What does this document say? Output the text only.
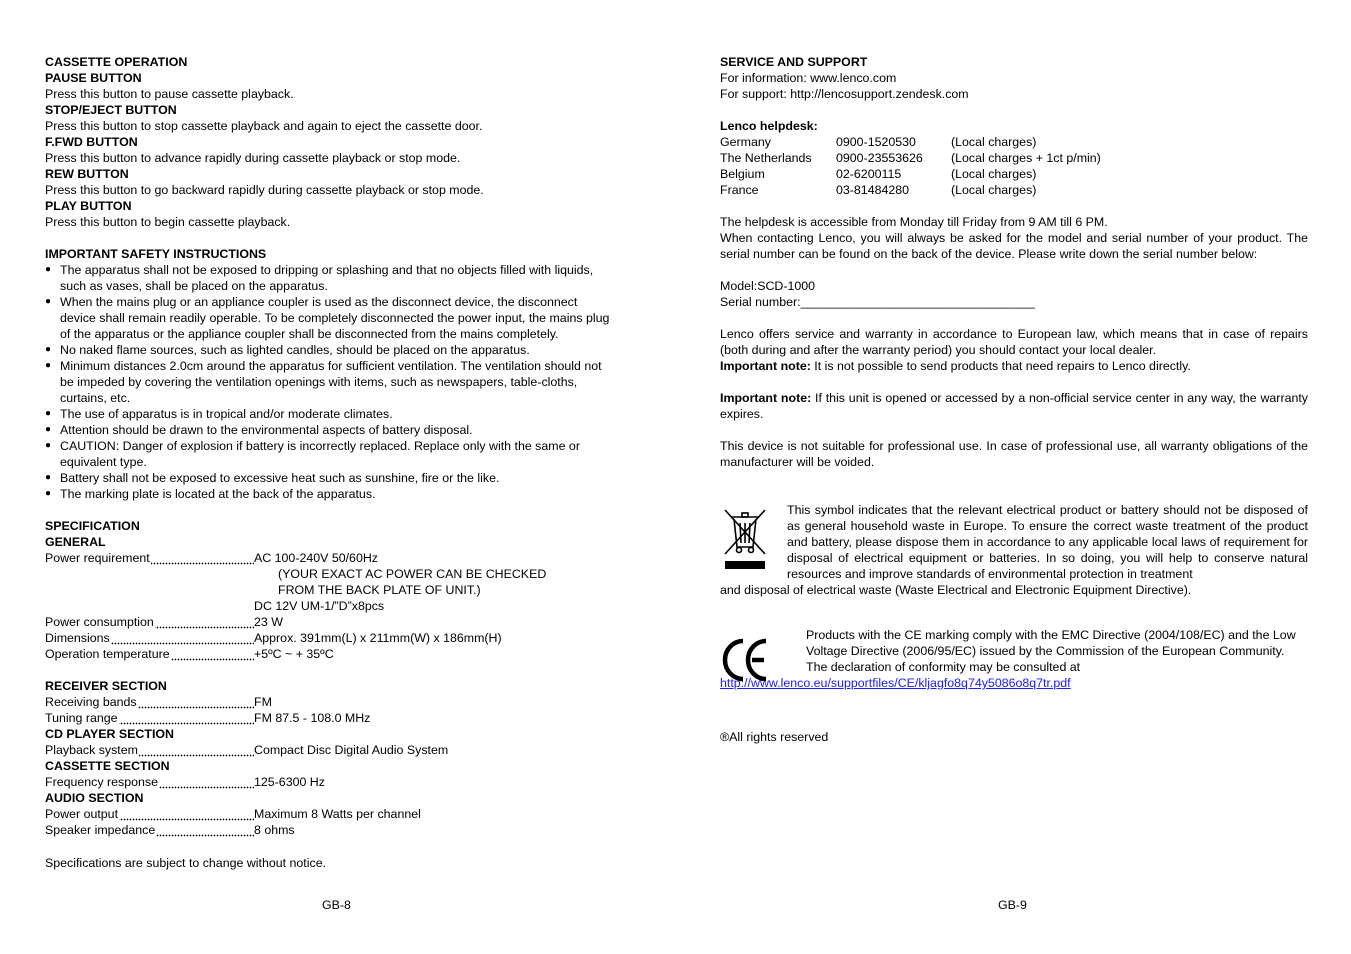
CASSETTE OPERATION
PAUSE BUTTON
Press this button to pause cassette playback.
STOP/EJECT BUTTON
Press this button to stop cassette playback and again to eject the cassette door.
F.FWD BUTTON
Press this button to advance rapidly during cassette playback or stop mode.
REW BUTTON
Press this button to go backward rapidly during cassette playback or stop mode.
PLAY BUTTON
Press this button to begin cassette playback.
IMPORTANT SAFETY INSTRUCTIONS
● The apparatus shall not be exposed to dripping or splashing and that no objects filled with liquids,
such as vases, shall be placed on the apparatus.
● When the mains plug or an appliance coupler is used as the disconnect device, the disconnect
device shall remain readily operable. To be completely disconnected the power input, the mains plug
of the apparatus or the appliance coupler shall be disconnected from the mains completely.
● No naked flame sources, such as lighted candles, should be placed on the apparatus.
● Minimum distances 2.0cm around the apparatus for sufficient ventilation. The ventilation should not
be impeded by covering the ventilation openings with items, such as newspapers, table-cloths,
curtains, etc.
● The use of apparatus is in tropical and/or moderate climates.
● Attention should be drawn to the environmental aspects of battery disposal.
● CAUTION: Danger of explosion if battery is incorrectly replaced. Replace only with the same or
equivalent type.
● Battery shall not be exposed to excessive heat such as sunshine, fire or the like.
● The marking plate is located at the back of the apparatus.
SPECIFICATION
GENERAL
Power requirement	AC 100-240V 50/60Hz
(YOUR EXACT AC POWER CAN BE CHECKED
FROM THE BACK PLATE OF UNIT.)
DC 12V UM-1/”D”x8pcs
Power consumption	23 W
Dimensions	Approx. 391mm(L) x 211mm(W) x 186mm(H)
Operation temperature	+5ºC ~ + 35ºC
RECEIVER SECTION
Receiving bands	FM
Tuning range	FM 87.5 - 108.0 MHz
CD PLAYER SECTION
Playback system	Compact Disc Digital Audio System
CASSETTE SECTION
Frequency response	125-6300 Hz
AUDIO SECTION
Power output	Maximum 8 Watts per channel
Speaker impedance	8 ohms
Specifications are subject to change without notice.
GB-8
SERVICE AND SUPPORT
For information: www.lenco.com
For support: http://lencosupport.zendesk.com
Lenco helpdesk:
Germany	0900-1520530	(Local charges)
The Netherlands	0900-23553626	(Local charges + 1ct p/min)
Belgium	02-6200115	(Local charges)
France	03-81484280	(Local charges)
The helpdesk is accessible from Monday till Friday from 9 AM till 6 PM.
When contacting Lenco, you will always be asked for the model and serial number of your product. The serial number can be found on the back of the device. Please write down the serial number below:
Model:SCD-1000
Serial number:__________________________________
Lenco offers service and warranty in accordance to European law, which means that in case of repairs (both during and after the warranty period) you should contact your local dealer.
Important note: It is not possible to send products that need repairs to Lenco directly.
Important note: If this unit is opened or accessed by a non-official service center in any way, the warranty expires.
This device is not suitable for professional use. In case of professional use, all warranty obligations of the manufacturer will be voided.
This symbol indicates that the relevant electrical product or battery should not be disposed of as general household waste in Europe. To ensure the correct waste treatment of the product and battery, please dispose them in accordance to any applicable local laws of requirement for disposal of electrical equipment or batteries. In so doing, you will help to conserve natural resources and improve standards of environmental protection in treatment
and disposal of electrical waste (Waste Electrical and Electronic Equipment Directive).
Products with the CE marking comply with the EMC Directive (2004/108/EC) and the Low Voltage Directive (2006/95/EC) issued by the Commission of the European Community.
The declaration of conformity may be consulted at
http://www.lenco.eu/supportfiles/CE/kljagfo8q74y5086o8q7tr.pdf
®All rights reserved
GB-9
